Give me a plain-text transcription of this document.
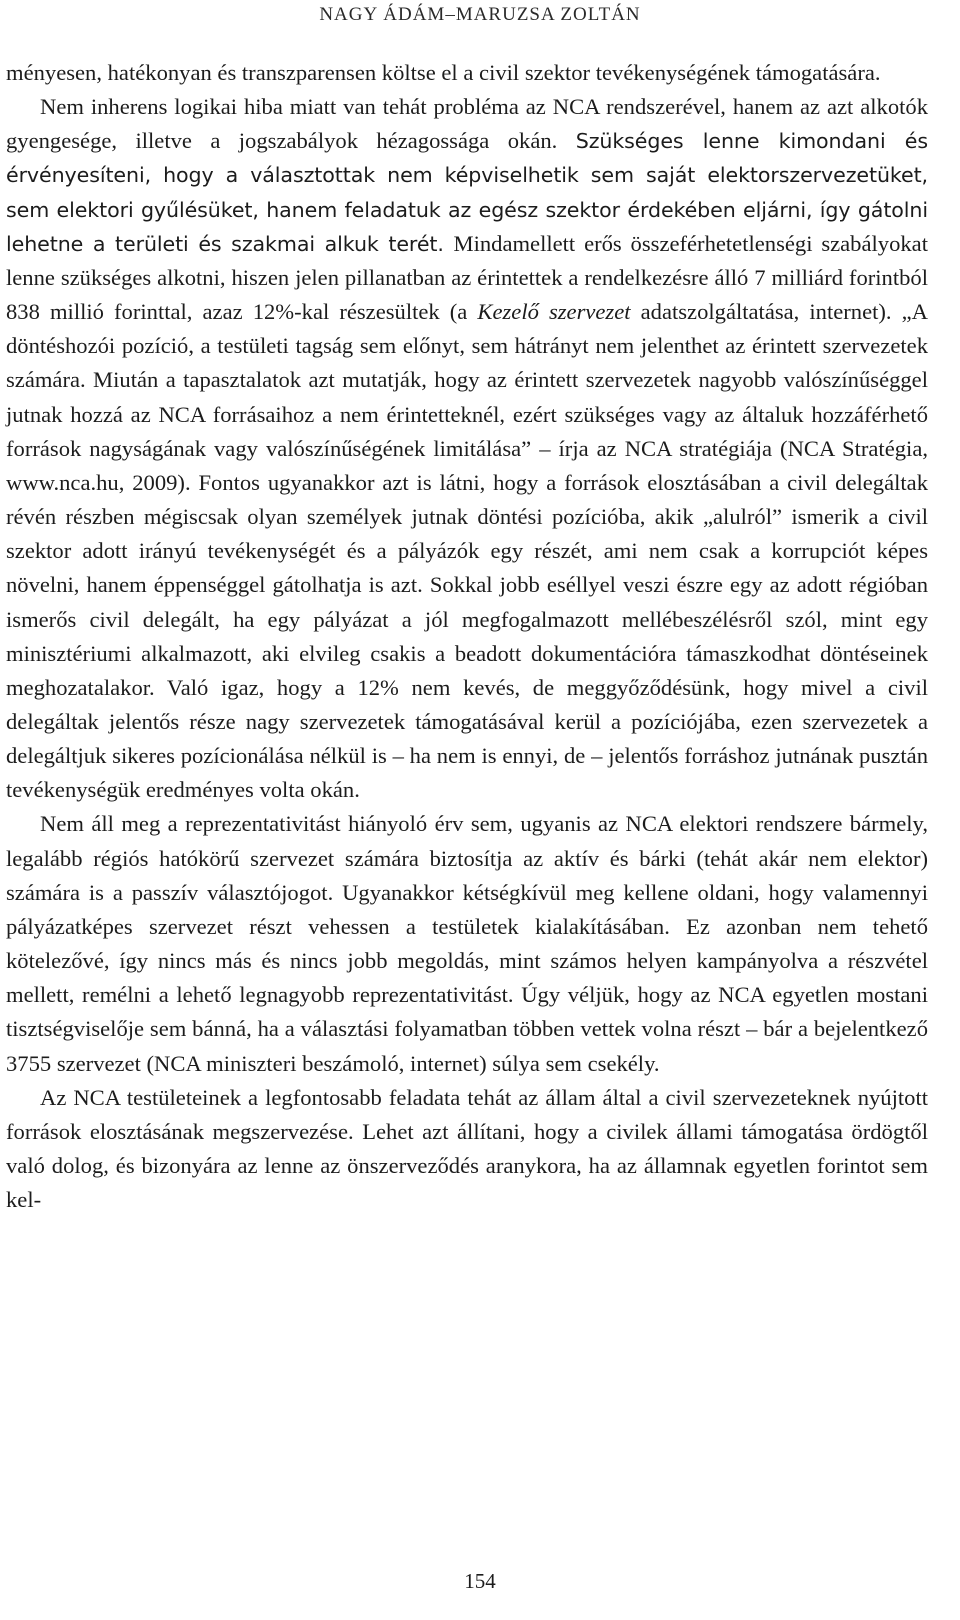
NAGY ÁDÁM–MARUZSA ZOLTÁN

ményesen, hatékonyan és transzparensen költse el a civil szektor tevékenységének támogatására.

Nem inherens logikai hiba miatt van tehát probléma az NCA rendszerével, hanem az azt alkotók gyengesége, illetve a jogszabályok hézagossága okán. Szükséges lenne kimondani és érvényesíteni, hogy a választottak nem képviselhetik sem saját elektorszervezetüket, sem elektori gyűlésüket, hanem feladatuk az egész szektor érdekében eljárni, így gátolni lehetne a területi és szakmai alkuk terét. Mindamellett erős összeférhetetlenségi szabályokat lenne szükséges alkotni, hiszen jelen pillanatban az érintettek a rendelkezésre álló 7 milliárd forintból 838 millió forinttal, azaz 12%-kal részesültek (a Kezelő szervezet adatszolgáltatása, internet). „A döntéshozói pozíció, a testületi tagság sem előnyt, sem hátrányt nem jelenthet az érintett szervezetek számára. Miután a tapasztalatok azt mutatják, hogy az érintett szervezetek nagyobb valószínűséggel jutnak hozzá az NCA forrásaihoz a nem érintetteknél, ezért szükséges vagy az általuk hozzáférhető források nagyságának vagy valószínűségének limitálása” – írja az NCA stratégiája (NCA Stratégia, www.nca.hu, 2009). Fontos ugyanakkor azt is látni, hogy a források elosztásában a civil delegáltak révén részben mégiscsak olyan személyek jutnak döntési pozícióba, akik „alulról” ismerik a civil szektor adott irányú tevékenységét és a pályázók egy részét, ami nem csak a korrupciót képes növelni, hanem éppenséggel gátolhatja is azt. Sokkal jobb eséllyel veszi észre egy az adott régióban ismerős civil delegált, ha egy pályázat a jól megfogalmazott mellébeszélésről szól, mint egy minisztériumi alkalmazott, aki elvileg csakis a beadott dokumentációra támaszkodhat döntéseinek meghozatalakor. Való igaz, hogy a 12% nem kevés, de meggyőződésünk, hogy mivel a civil delegáltak jelentős része nagy szervezetek támogatásával kerül a pozíciójába, ezen szervezetek a delegáltjuk sikeres pozícionálása nélkül is – ha nem is ennyi, de – jelentős forráshoz jutnának pusztán tevékenységük eredményes volta okán.

Nem áll meg a reprezentativitást hiányoló érv sem, ugyanis az NCA elektori rendszere bármely, legalább régiós hatókörű szervezet számára biztosítja az aktív és bárki (tehát akár nem elektor) számára is a passzív választójogot. Ugyanakkor kétségkívül meg kellene oldani, hogy valamennyi pályázatképes szervezet részt vehessen a testületek kialakításában. Ez azonban nem tehető kötelezővé, így nincs más és nincs jobb megoldás, mint számos helyen kampányolva a részvétel mellett, remélni a lehető legnagyobb reprezentativitást. Úgy véljük, hogy az NCA egyetlen mostani tisztségviselője sem bánná, ha a választási folyamatban többen vettek volna részt – bár a bejelentkező 3755 szervezet (NCA miniszteri beszámoló, internet) súlya sem csekély.

Az NCA testületeinek a legfontosabb feladata tehát az állam által a civil szervezeteknek nyújtott források elosztásának megszervezése. Lehet azt állítani, hogy a civilek állami támogatása ördögtől való dolog, és bizonyára az lenne az önszerveződés aranykora, ha az államnak egyetlen forintot sem kel-

154
